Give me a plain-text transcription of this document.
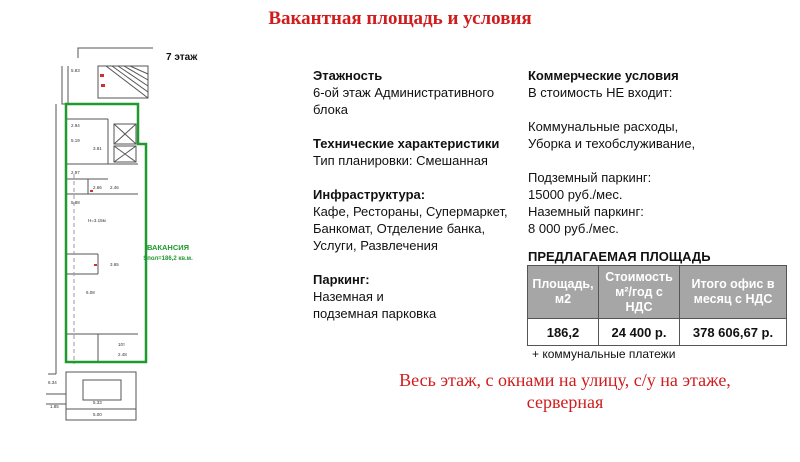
Вакантная площадь и условия
ВАКАНСИЯ
Sпол=186,2 кв.м.
2.94
5.19
3.81
2.97
2.66
6.08
H=3.15м
3.65
10т
2.48
5.83
6.34
5.33
5.00
1.85
5.88
2.46
7 этаж

Этажность

6-ой этаж Административного

блока

Технические характеристики

Тип планировки: Смешанная

Инфраструктура:

Кафе, Рестораны, Супермаркет,

Банкомат, Отделение банка,

Услуги, Развлечения

Паркинг:

Наземная и

подземная парковка

Коммерческие условия

В стоимость НЕ входит:

Коммунальные расходы,

Уборка и техобслуживание,

Подземный паркинг:

15000 руб./мес.

Наземный паркинг:

8 000 руб./мес.

ПРЕДЛАГАЕМАЯ ПЛОЩАДЬ
Площадь, м2	Стоимость м²/год с НДС	Итого офис в месяц с НДС
186,2	24 400 р.	378 606,67 р.
+ коммунальные платежи
Весь этаж, с окнами на улицу, с/у на этаже,
серверная
